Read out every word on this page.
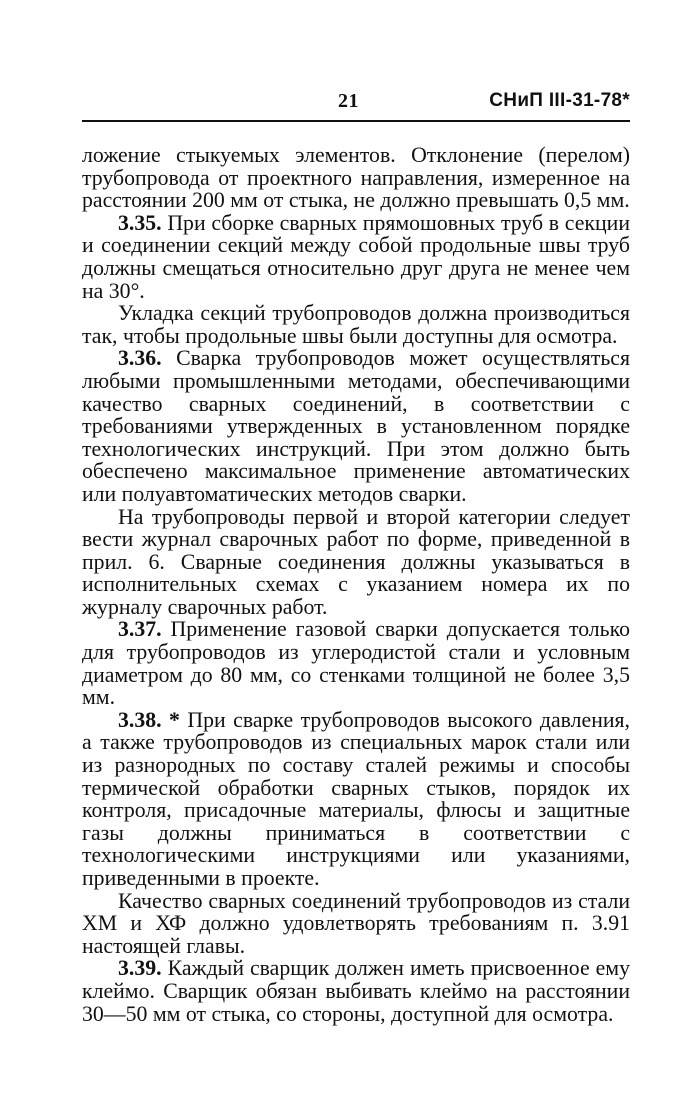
21	СНиП III-31-78*

ложение стыкуемых элементов. Отклонение (перелом) трубопровода от проектного направления, измеренное на расстоянии 200 мм от стыка, не должно превышать 0,5 мм.

3.35. При сборке сварных прямошовных труб в секции и соединении секций между собой продольные швы труб должны смещаться относительно друг друга не менее чем на 30°.

Укладка секций трубопроводов должна производиться так, чтобы продольные швы были доступны для осмотра.

3.36. Сварка трубопроводов может осуществляться любыми промышленными методами, обеспечивающими качество сварных соединений, в соответствии с требованиями утвержденных в установленном порядке технологических инструкций. При этом должно быть обеспечено максимальное применение автоматических или полуавтоматических методов сварки.

На трубопроводы первой и второй категории следует вести журнал сварочных работ по форме, приведенной в прил. 6. Сварные соединения должны указываться в исполнительных схемах с указанием номера их по журналу сварочных работ.

3.37. Применение газовой сварки допускается только для трубопроводов из углеродистой стали и условным диаметром до 80 мм, со стенками толщиной не более 3,5 мм.

3.38. * При сварке трубопроводов высокого давления, а также трубопроводов из специальных марок стали или из разнородных по составу сталей режимы и способы термической обработки сварных стыков, порядок их контроля, присадочные материалы, флюсы и защитные газы должны приниматься в соответствии с технологическими инструкциями или указаниями, приведенными в проекте.

Качество сварных соединений трубопроводов из стали ХМ и ХФ должно удовлетворять требованиям п. 3.91 настоящей главы.

3.39. Каждый сварщик должен иметь присвоенное ему клеймо. Сварщик обязан выбивать клеймо на расстоянии 30—50 мм от стыка, со стороны, доступной для осмотра.
